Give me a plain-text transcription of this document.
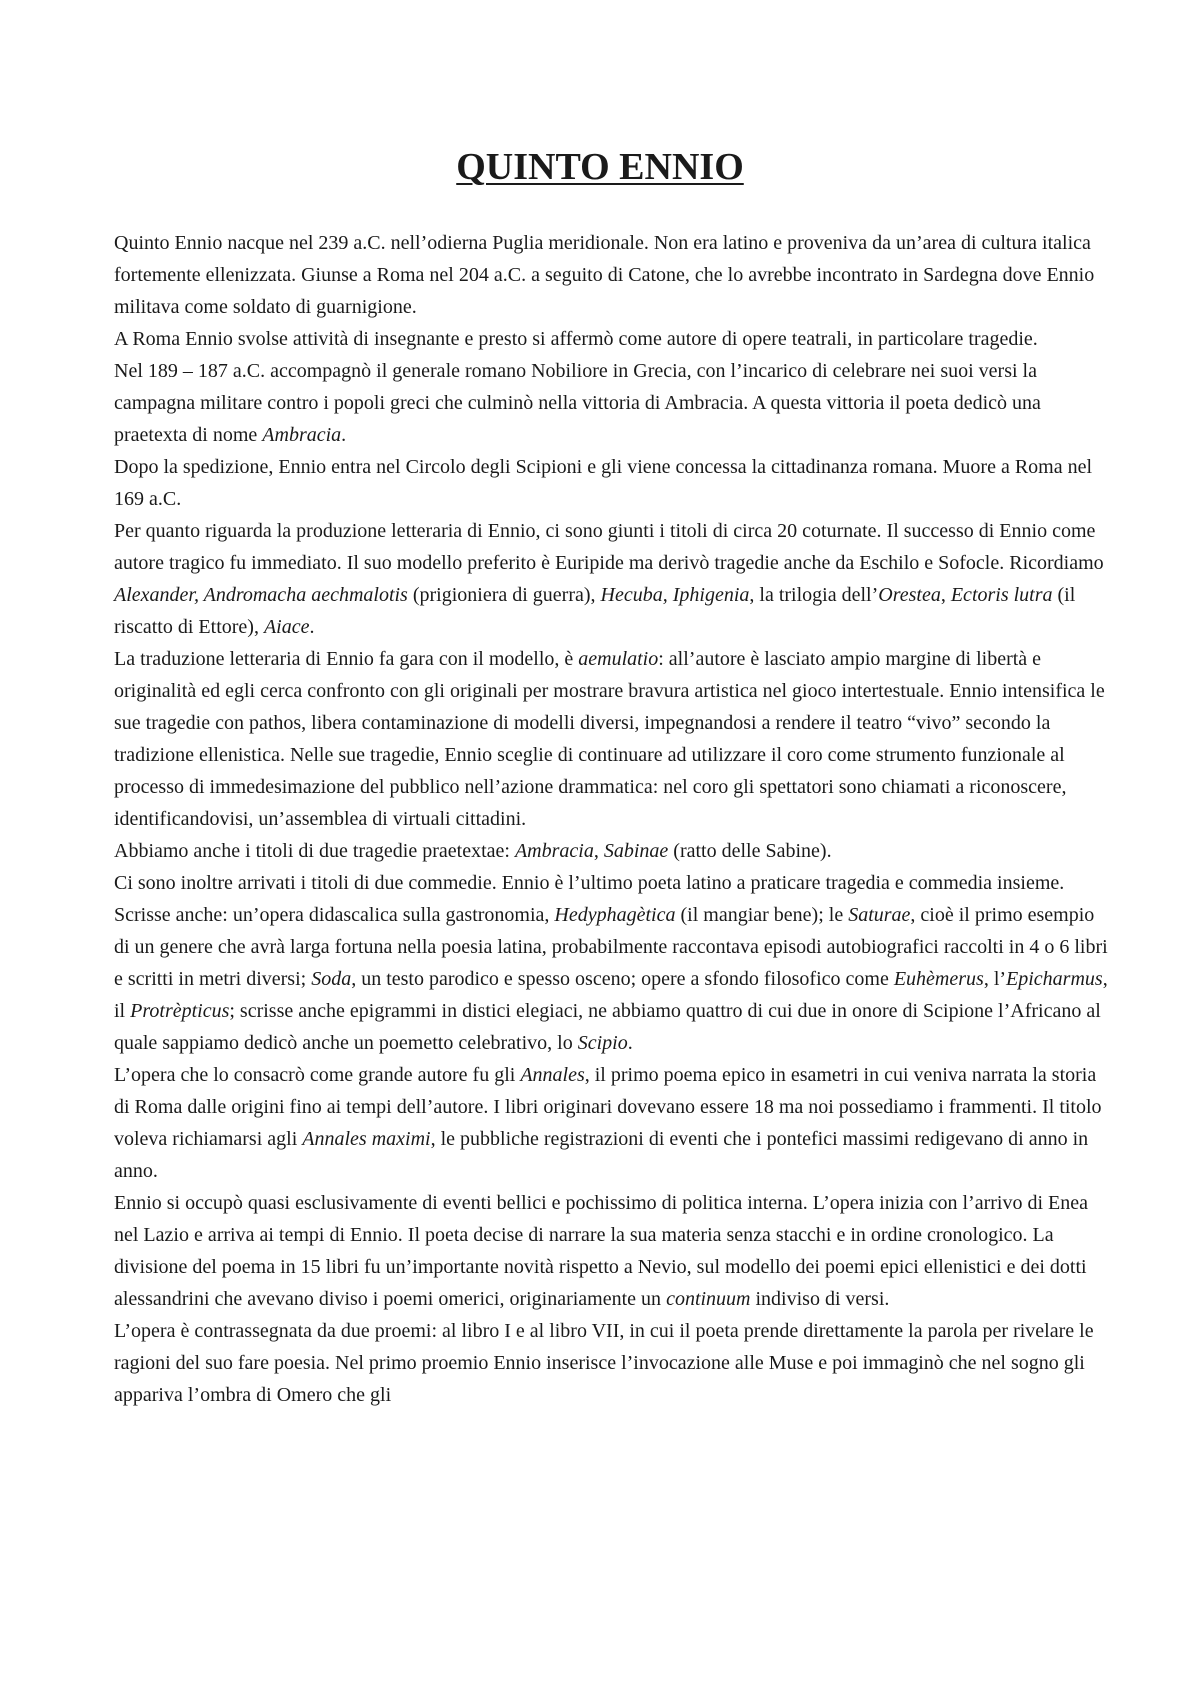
QUINTO ENNIO

Quinto Ennio nacque nel 239 a.C. nell’odierna Puglia meridionale. Non era latino e proveniva da un’area di cultura italica fortemente ellenizzata. Giunse a Roma nel 204 a.C. a seguito di Catone, che lo avrebbe incontrato in Sardegna dove Ennio militava come soldato di guarnigione.

A Roma Ennio svolse attività di insegnante e presto si affermò come autore di opere teatrali, in particolare tragedie.

Nel 189 – 187 a.C. accompagnò il generale romano Nobiliore in Grecia, con l’incarico di celebrare nei suoi versi la campagna militare contro i popoli greci che culminò nella vittoria di Ambracia. A questa vittoria il poeta dedicò una praetexta di nome Ambracia.

Dopo la spedizione, Ennio entra nel Circolo degli Scipioni e gli viene concessa la cittadinanza romana. Muore a Roma nel 169 a.C.

Per quanto riguarda la produzione letteraria di Ennio, ci sono giunti i titoli di circa 20 coturnate. Il successo di Ennio come autore tragico fu immediato. Il suo modello preferito è Euripide ma derivò tragedie anche da Eschilo e Sofocle. Ricordiamo Alexander, Andromacha aechmalotis (prigioniera di guerra), Hecuba, Iphigenia, la trilogia dell’Orestea, Ectoris lutra (il riscatto di Ettore), Aiace.

La traduzione letteraria di Ennio fa gara con il modello, è aemulatio: all’autore è lasciato ampio margine di libertà e originalità ed egli cerca confronto con gli originali per mostrare bravura artistica nel gioco intertestuale. Ennio intensifica le sue tragedie con pathos, libera contaminazione di modelli diversi, impegnandosi a rendere il teatro “vivo” secondo la tradizione ellenistica. Nelle sue tragedie, Ennio sceglie di continuare ad utilizzare il coro come strumento funzionale al processo di immedesimazione del pubblico nell’azione drammatica: nel coro gli spettatori sono chiamati a riconoscere, identificandovisi, un’assemblea di virtuali cittadini.

Abbiamo anche i titoli di due tragedie praetextae: Ambracia, Sabinae (ratto delle Sabine).

Ci sono inoltre arrivati i titoli di due commedie. Ennio è l’ultimo poeta latino a praticare tragedia e commedia insieme.

Scrisse anche: un’opera didascalica sulla gastronomia, Hedyphagètica (il mangiar bene); le Saturae, cioè il primo esempio di un genere che avrà larga fortuna nella poesia latina, probabilmente raccontava episodi autobiografici raccolti in 4 o 6 libri e scritti in metri diversi; Soda, un testo parodico e spesso osceno; opere a sfondo filosofico come Euhèmerus, l’Epicharmus, il Protrèpticus; scrisse anche epigrammi in distici elegiaci, ne abbiamo quattro di cui due in onore di Scipione l’Africano al quale sappiamo dedicò anche un poemetto celebrativo, lo Scipio.

L’opera che lo consacrò come grande autore fu gli Annales, il primo poema epico in esametri in cui veniva narrata la storia di Roma dalle origini fino ai tempi dell’autore. I libri originari dovevano essere 18 ma noi possediamo i frammenti. Il titolo voleva richiamarsi agli Annales maximi, le pubbliche registrazioni di eventi che i pontefici massimi redigevano di anno in anno.

Ennio si occupò quasi esclusivamente di eventi bellici e pochissimo di politica interna. L’opera inizia con l’arrivo di Enea nel Lazio e arriva ai tempi di Ennio. Il poeta decise di narrare la sua materia senza stacchi e in ordine cronologico. La divisione del poema in 15 libri fu un’importante novità rispetto a Nevio, sul modello dei poemi epici ellenistici e dei dotti alessandrini che avevano diviso i poemi omerici, originariamente un continuum indiviso di versi.

L’opera è contrassegnata da due proemi: al libro I e al libro VII, in cui il poeta prende direttamente la parola per rivelare le ragioni del suo fare poesia. Nel primo proemio Ennio inserisce l’invocazione alle Muse e poi immaginò che nel sogno gli appariva l’ombra di Omero che gli
